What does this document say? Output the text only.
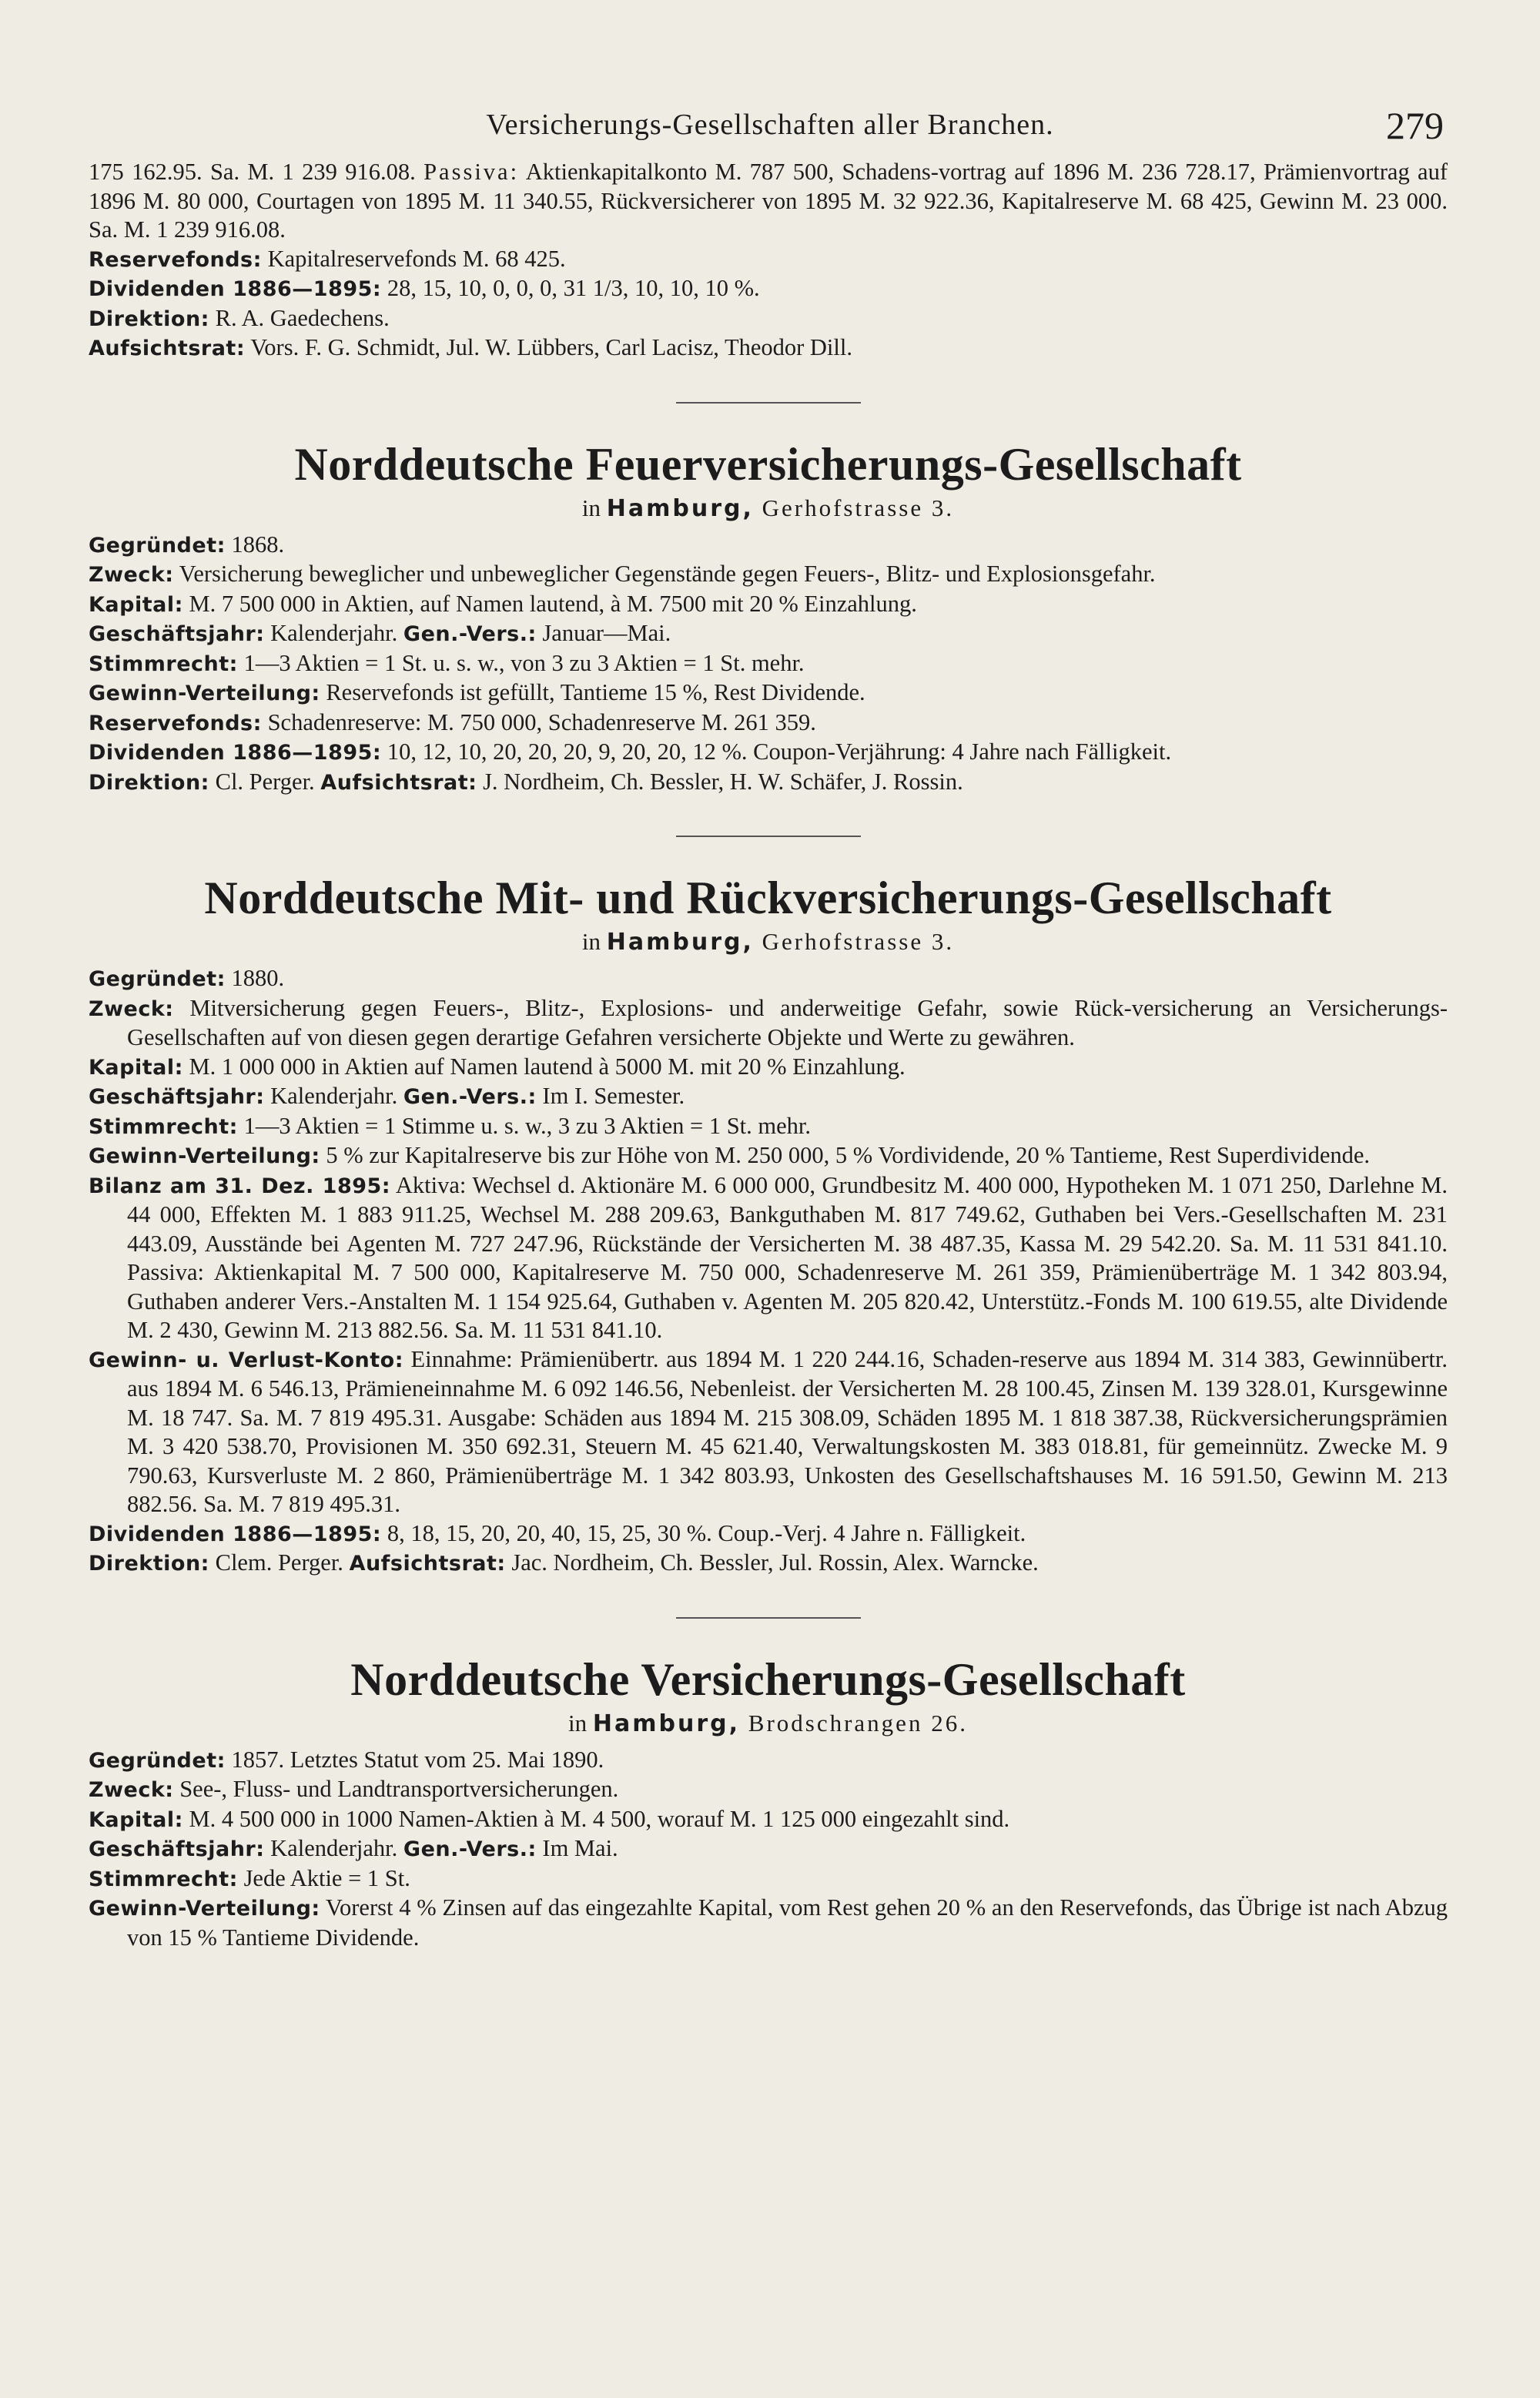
Versicherungs-Gesellschaften aller Branchen.	279

175 162.95. Sa. M. 1 239 916.08. Passiva: Aktienkapitalkonto M. 787 500, Schadens-vortrag auf 1896 M. 236 728.17, Prämienvortrag auf 1896 M. 80 000, Courtagen von 1895 M. 11 340.55, Rückversicherer von 1895 M. 32 922.36, Kapitalreserve M. 68 425, Gewinn M. 23 000. Sa. M. 1 239 916.08.

Reservefonds: Kapitalreservefonds M. 68 425.

Dividenden 1886—1895: 28, 15, 10, 0, 0, 0, 31 1/3, 10, 10, 10 %.

Direktion: R. A. Gaedechens.

Aufsichtsrat: Vors. F. G. Schmidt, Jul. W. Lübbers, Carl Lacisz, Theodor Dill.

Norddeutsche Feuerversicherungs-Gesellschaft

in Hamburg, Gerhofstrasse 3.

Gegründet: 1868.

Zweck: Versicherung beweglicher und unbeweglicher Gegenstände gegen Feuers-, Blitz- und Explosionsgefahr.

Kapital: M. 7 500 000 in Aktien, auf Namen lautend, à M. 7500 mit 20 % Einzahlung.

Geschäftsjahr: Kalenderjahr. Gen.-Vers.: Januar—Mai.

Stimmrecht: 1—3 Aktien = 1 St. u. s. w., von 3 zu 3 Aktien = 1 St. mehr.

Gewinn-Verteilung: Reservefonds ist gefüllt, Tantieme 15 %, Rest Dividende.

Reservefonds: Schadenreserve: M. 750 000, Schadenreserve M. 261 359.

Dividenden 1886—1895: 10, 12, 10, 20, 20, 20, 9, 20, 20, 12 %. Coupon-Verjährung: 4 Jahre nach Fälligkeit.

Direktion: Cl. Perger. Aufsichtsrat: J. Nordheim, Ch. Bessler, H. W. Schäfer, J. Rossin.

Norddeutsche Mit- und Rückversicherungs-Gesellschaft

in Hamburg, Gerhofstrasse 3.

Gegründet: 1880.

Zweck: Mitversicherung gegen Feuers-, Blitz-, Explosions- und anderweitige Gefahr, sowie Rück-versicherung an Versicherungs-Gesellschaften auf von diesen gegen derartige Gefahren versicherte Objekte und Werte zu gewähren.

Kapital: M. 1 000 000 in Aktien auf Namen lautend à 5000 M. mit 20 % Einzahlung.

Geschäftsjahr: Kalenderjahr. Gen.-Vers.: Im I. Semester.

Stimmrecht: 1—3 Aktien = 1 Stimme u. s. w., 3 zu 3 Aktien = 1 St. mehr.

Gewinn-Verteilung: 5 % zur Kapitalreserve bis zur Höhe von M. 250 000, 5 % Vordividende, 20 % Tantieme, Rest Superdividende.

Bilanz am 31. Dez. 1895: Aktiva: Wechsel d. Aktionäre M. 6 000 000, Grundbesitz M. 400 000, Hypotheken M. 1 071 250, Darlehne M. 44 000, Effekten M. 1 883 911.25, Wechsel M. 288 209.63, Bankguthaben M. 817 749.62, Guthaben bei Vers.-Gesellschaften M. 231 443.09, Ausstände bei Agenten M. 727 247.96, Rückstände der Versicherten M. 38 487.35, Kassa M. 29 542.20. Sa. M. 11 531 841.10. Passiva: Aktienkapital M. 7 500 000, Kapitalreserve M. 750 000, Schadenreserve M. 261 359, Prämienüberträge M. 1 342 803.94, Guthaben anderer Vers.-Anstalten M. 1 154 925.64, Guthaben v. Agenten M. 205 820.42, Unterstütz.-Fonds M. 100 619.55, alte Dividende M. 2 430, Gewinn M. 213 882.56. Sa. M. 11 531 841.10.

Gewinn- u. Verlust-Konto: Einnahme: Prämienübertr. aus 1894 M. 1 220 244.16, Schaden-reserve aus 1894 M. 314 383, Gewinnübertr. aus 1894 M. 6 546.13, Prämieneinnahme M. 6 092 146.56, Nebenleist. der Versicherten M. 28 100.45, Zinsen M. 139 328.01, Kursgewinne M. 18 747. Sa. M. 7 819 495.31. Ausgabe: Schäden aus 1894 M. 215 308.09, Schäden 1895 M. 1 818 387.38, Rückversicherungsprämien M. 3 420 538.70, Provisionen M. 350 692.31, Steuern M. 45 621.40, Verwaltungskosten M. 383 018.81, für gemeinnütz. Zwecke M. 9 790.63, Kursverluste M. 2 860, Prämienüberträge M. 1 342 803.93, Unkosten des Gesellschaftshauses M. 16 591.50, Gewinn M. 213 882.56. Sa. M. 7 819 495.31.

Dividenden 1886—1895: 8, 18, 15, 20, 20, 40, 15, 25, 30 %. Coup.-Verj. 4 Jahre n. Fälligkeit.

Direktion: Clem. Perger. Aufsichtsrat: Jac. Nordheim, Ch. Bessler, Jul. Rossin, Alex. Warncke.

Norddeutsche Versicherungs-Gesellschaft

in Hamburg, Brodschrangen 26.

Gegründet: 1857. Letztes Statut vom 25. Mai 1890.

Zweck: See-, Fluss- und Landtransportversicherungen.

Kapital: M. 4 500 000 in 1000 Namen-Aktien à M. 4 500, worauf M. 1 125 000 eingezahlt sind.

Geschäftsjahr: Kalenderjahr. Gen.-Vers.: Im Mai.

Stimmrecht: Jede Aktie = 1 St.

Gewinn-Verteilung: Vorerst 4 % Zinsen auf das eingezahlte Kapital, vom Rest gehen 20 % an den Reservefonds, das Übrige ist nach Abzug von 15 % Tantieme Dividende.
